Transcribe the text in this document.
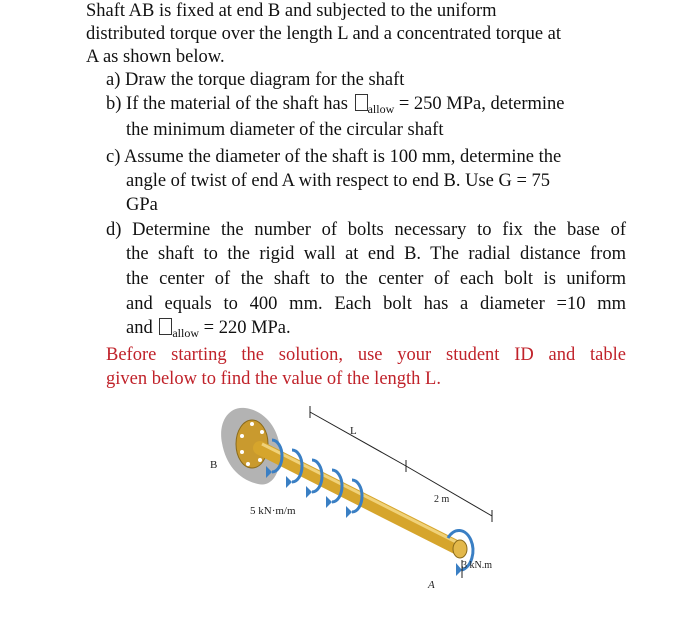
Shaft AB is fixed at end B and subjected to the uniform
distributed torque over the length L and a concentrated torque at
A as shown below.
a) Draw the torque diagram for the shaft
b) If the material of the shaft has $_{allow}$ = 250 MPa, determine
the minimum diameter of the circular shaft
c) Assume the diameter of the shaft is 100 mm, determine the
angle of twist of end A with respect to end B. Use G = 75
GPa
d) Determine the number of bolts necessary to fix the base of
the shaft to the rigid wall at end B. The radial distance from
the center of the shaft to the center of each bolt is uniform
and equals to 400 mm. Each bolt has a diameter =10 mm
and $_{allow}$ = 220 MPa.
Before starting the solution, use your student ID and table
given below to find the value of the length L.
L
2 m
B
A
5 kN·m/m
3 kN.m
